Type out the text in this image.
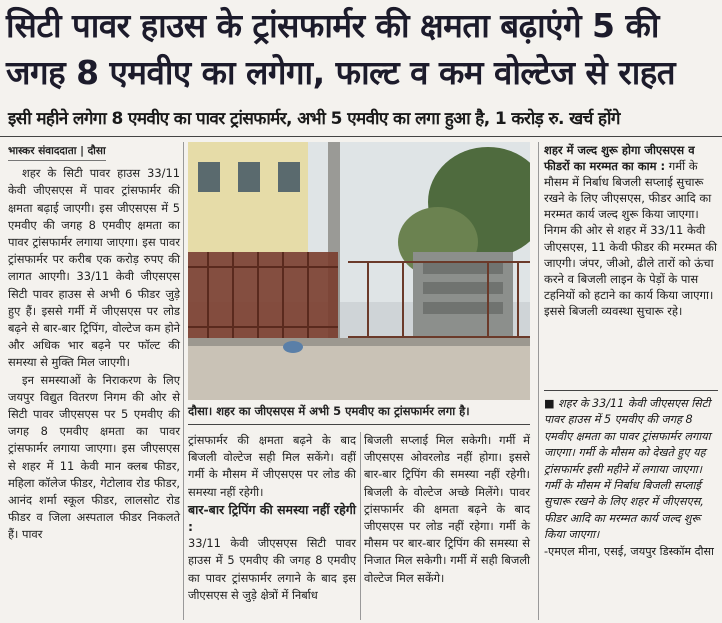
सिटी पावर हाउस के ट्रांसफार्मर की क्षमता बढ़ाएंगे 5 की
जगह 8 एमवीए का लगेगा, फाल्ट व कम वोल्टेज से राहत
इसी महीने लगेगा 8 एमवीए का पावर ट्रांसफार्मर, अभी 5 एमवीए का लगा हुआ है, 1 करोड़ रु. खर्च होंगे
भास्कर संवाददाता | दौसा

शहर के सिटी पावर हाउस 33/11 केवी जीएसएस में पावर ट्रांसफार्मर की क्षमता बढ़ाई जाएगी। इस जीएसएस में 5 एमवीए की जगह 8 एमवीए क्षमता का पावर ट्रांसफार्मर लगाया जाएगा। इस पावर ट्रांसफार्मर पर करीब एक करोड़ रुपए की लागत आएगी। 33/11 केवी जीएसएस सिटी पावर हाउस से अभी 6 फीडर जुड़े हुए हैं। इससे गर्मी में जीएसएस पर लोड बढ़ने से बार-बार ट्रिपिंग, वोल्टेज कम होने और अधिक भार बढ़ने पर फॉल्ट की समस्या से मुक्ति मिल जाएगी।

इन समस्याओं के निराकरण के लिए जयपुर विद्युत वितरण निगम की ओर से सिटी पावर जीएसएस पर 5 एमवीए की जगह 8 एमवीए क्षमता का पावर ट्रांसफार्मर लगाया जाएगा। इस जीएसएस से शहर में 11 केवी मान क्लब फीडर, महिला कॉलेज फीडर, गेटोलाव रोड फीडर, आनंद शर्मा स्कूल फीडर, लालसोट रोड फीडर व जिला अस्पताल फीडर निकलते हैं। पावर

दौसा। शहर का जीएसएस में अभी 5 एमवीए का ट्रांसफार्मर लगा है।

ट्रांसफार्मर की क्षमता बढ़ने के बाद बिजली वोल्टेज सही मिल सकेंगे। वहीं गर्मी के मौसम में जीएसएस पर लोड की समस्या नहीं रहेगी।

बार-बार ट्रिपिंग की समस्या नहीं रहेगी :

33/11 केवी जीएसएस सिटी पावर हाउस में 5 एमवीए की जगह 8 एमवीए का पावर ट्रांसफार्मर लगाने के बाद इस जीएसएस से जुड़े क्षेत्रों में निर्बाध

बिजली सप्लाई मिल सकेगी। गर्मी में जीएसएस ओवरलोड नहीं होगा। इससे बार-बार ट्रिपिंग की समस्या नहीं रहेगी। बिजली के वोल्टेज अच्छे मिलेंगे। पावर ट्रांसफार्मर की क्षमता बढ़ने के बाद जीएसएस पर लोड नहीं रहेगा। गर्मी के मौसम पर बार-बार ट्रिपिंग की समस्या से निजात मिल सकेगी। गर्मी में सही बिजली वोल्टेज मिल सकेंगे।

शहर में जल्द शुरू होगा जीएसएस व फीडरों का मरम्मत का काम : गर्मी के मौसम में निर्बाध बिजली सप्लाई सुचारू रखने के लिए जीएसएस, फीडर आदि का मरम्मत कार्य जल्द शुरू किया जाएगा। निगम की ओर से शहर में 33/11 केवी जीएसएस, 11 केवी फीडर की मरम्मत की जाएगी। जंपर, जीओ, ढीले तारों को ऊंचा करने व बिजली लाइन के पेड़ों के पास टहनियों को हटाने का कार्य किया जाएगा। इससे बिजली व्यवस्था सुचारू रहे।
■ शहर के 33/11 केवी जीएसएस सिटी पावर हाउस में 5 एमवीए की जगह 8 एमवीए क्षमता का पावर ट्रांसफार्मर लगाया जाएगा। गर्मी के मौसम को देखते हुए यह ट्रांसफार्मर इसी महीने में लगाया जाएगा। गर्मी के मौसम में निर्बाध बिजली सप्लाई सुचारू रखने के लिए शहर में जीएसएस, फीडर आदि का मरम्मत कार्य जल्द शुरू किया जाएगा।
-एमएल मीना, एसई, जयपुर डिस्कॉम दौसा
